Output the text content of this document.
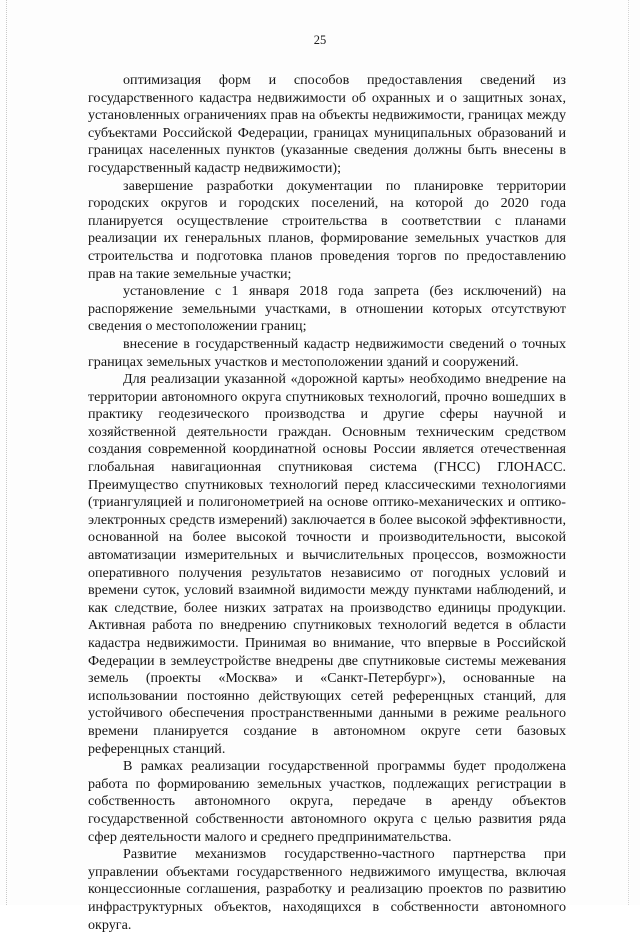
25

оптимизация форм и способов предоставления сведений из государственного кадастра недвижимости об охранных и о защитных зонах, установленных ограничениях прав на объекты недвижимости, границах между субъектами Российской Федерации, границах муниципальных образований и границах населенных пунктов (указанные сведения должны быть внесены в государственный кадастр недвижимости);

завершение разработки документации по планировке территории городских округов и городских поселений, на которой до 2020 года планируется осуществление строительства в соответствии с планами реализации их генеральных планов, формирование земельных участков для строительства и подготовка планов проведения торгов по предоставлению прав на такие земельные участки;

установление с 1 января 2018 года запрета (без исключений) на распоряжение земельными участками, в отношении которых отсутствуют сведения о местоположении границ;

внесение в государственный кадастр недвижимости сведений о точных границах земельных участков и местоположении зданий и сооружений.

Для реализации указанной «дорожной карты» необходимо внедрение на территории автономного округа спутниковых технологий, прочно вошедших в практику геодезического производства и другие сферы научной и хозяйственной деятельности граждан. Основным техническим средством создания современной координатной основы России является отечественная глобальная навигационная спутниковая система (ГНСС) ГЛОНАСС. Преимущество спутниковых технологий перед классическими технологиями (триангуляцией и полигонометрией на основе оптико-механических и оптико-электронных средств измерений) заключается в более высокой эффективности, основанной на более высокой точности и производительности, высокой автоматизации измерительных и вычислительных процессов, возможности оперативного получения результатов независимо от погодных условий и времени суток, условий взаимной видимости между пунктами наблюдений, и как следствие, более низких затратах на производство единицы продукции. Активная работа по внедрению спутниковых технологий ведется в области кадастра недвижимости. Принимая во внимание, что впервые в Российской Федерации в землеустройстве внедрены две спутниковые системы межевания земель (проекты «Москва» и «Санкт-Петербург»), основанные на использовании постоянно действующих сетей референцных станций, для устойчивого обеспечения пространственными данными в режиме реального времени планируется создание в автономном округе сети базовых референцных станций.

В рамках реализации государственной программы будет продолжена работа по формированию земельных участков, подлежащих регистрации в собственность автономного округа, передаче в аренду объектов государственной собственности автономного округа с целью развития ряда сфер деятельности малого и среднего предпринимательства.

Развитие механизмов государственно-частного партнерства при управлении объектами государственного недвижимого имущества, включая концессионные соглашения, разработку и реализацию проектов по развитию инфраструктурных объектов, находящихся в собственности автономного округа.
